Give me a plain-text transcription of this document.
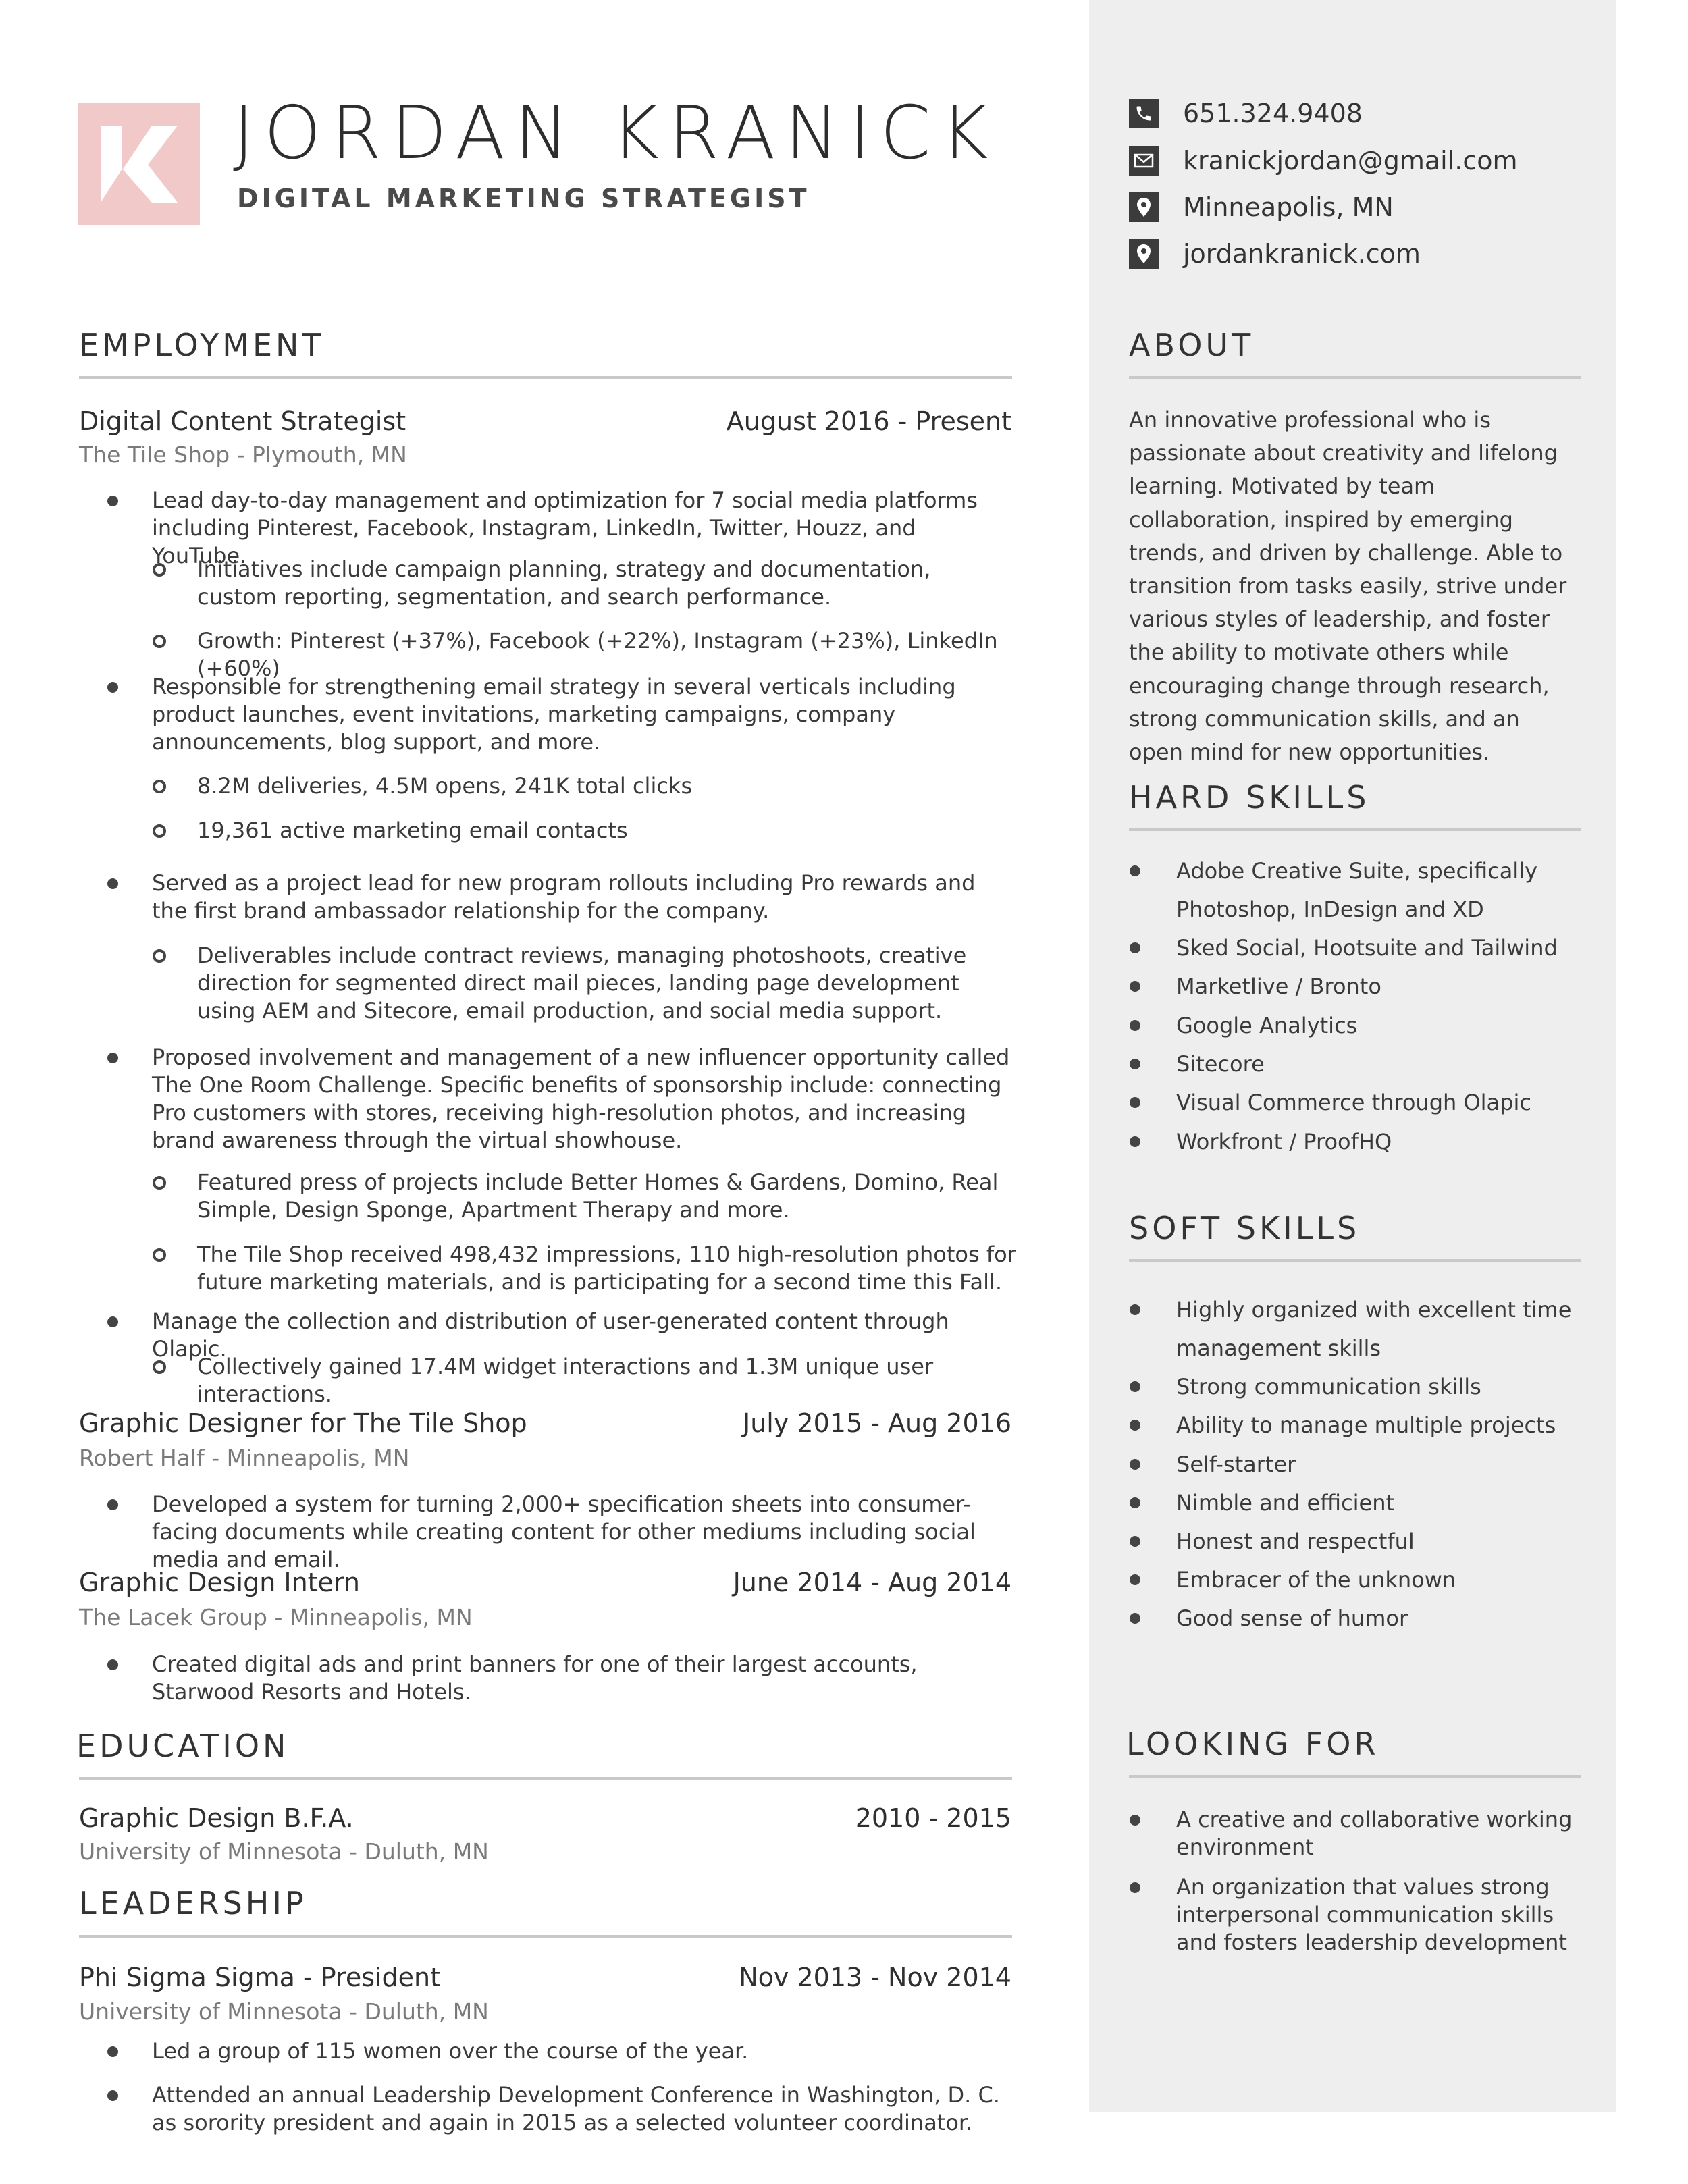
JORDAN KRANICK
DIGITAL MARKETING STRATEGIST
651.324.9408
kranickjordan@gmail.com
Minneapolis, MN
jordankranick.com
EMPLOYMENT
Digital Content Strategist	August 2016 - Present
The Tile Shop - Plymouth, MN
Lead day-to-day management and optimization for 7 social media platforms including Pinterest, Facebook, Instagram, LinkedIn, Twitter, Houzz, and YouTube.
Initiatives include campaign planning, strategy and documentation, custom reporting, segmentation, and search performance.
Growth: Pinterest (+37%), Facebook (+22%), Instagram (+23%), LinkedIn (+60%)
Responsible for strengthening email strategy in several verticals including product launches, event invitations, marketing campaigns, company announcements, blog support, and more.
8.2M deliveries, 4.5M opens, 241K total clicks
19,361 active marketing email contacts
Served as a project lead for new program rollouts including Pro rewards and the first brand ambassador relationship for the company.
Deliverables include contract reviews, managing photoshoots, creative direction for segmented direct mail pieces, landing page development using AEM and Sitecore, email production, and social media support.
Proposed involvement and management of a new influencer opportunity called The One Room Challenge. Specific benefits of sponsorship include: connecting Pro customers with stores, receiving high-resolution photos, and increasing brand awareness through the virtual showhouse.
Featured press of projects include Better Homes & Gardens, Domino, Real Simple, Design Sponge, Apartment Therapy and more.
The Tile Shop received 498,432 impressions, 110 high-resolution photos for future marketing materials, and is participating for a second time this Fall.
Manage the collection and distribution of user-generated content through Olapic.
Collectively gained 17.4M widget interactions and 1.3M unique user interactions.
Graphic Designer for The Tile Shop	July 2015 - Aug 2016
Robert Half - Minneapolis, MN
Developed a system for turning 2,000+ specification sheets into consumer-facing documents while creating content for other mediums including social media and email.
Graphic Design Intern	June 2014 - Aug 2014
The Lacek Group - Minneapolis, MN
Created digital ads and print banners for one of their largest accounts, Starwood Resorts and Hotels.
EDUCATION
Graphic Design B.F.A.	2010 - 2015
University of Minnesota - Duluth, MN
LEADERSHIP
Phi Sigma Sigma - President	Nov 2013 - Nov 2014
University of Minnesota - Duluth, MN
Led a group of 115 women over the course of the year.
Attended an annual Leadership Development Conference in Washington, D. C. as sorority president and again in 2015 as a selected volunteer coordinator.
ABOUT
An innovative professional who is passionate about creativity and lifelong learning. Motivated by team collaboration, inspired by emerging trends, and driven by challenge. Able to transition from tasks easily, strive under various styles of leadership, and foster the ability to motivate others while encouraging change through research, strong communication skills, and an open mind for new opportunities.
HARD SKILLS
Adobe Creative Suite, specifically Photoshop, InDesign and XD
Sked Social, Hootsuite and Tailwind
Marketlive / Bronto
Google Analytics
Sitecore
Visual Commerce through Olapic
Workfront / ProofHQ
SOFT SKILLS
Highly organized with excellent time management skills
Strong communication skills
Ability to manage multiple projects
Self-starter
Nimble and efficient
Honest and respectful
Embracer of the unknown
Good sense of humor
LOOKING FOR
A creative and collaborative working environment
An organization that values strong interpersonal communication skills and fosters leadership development
